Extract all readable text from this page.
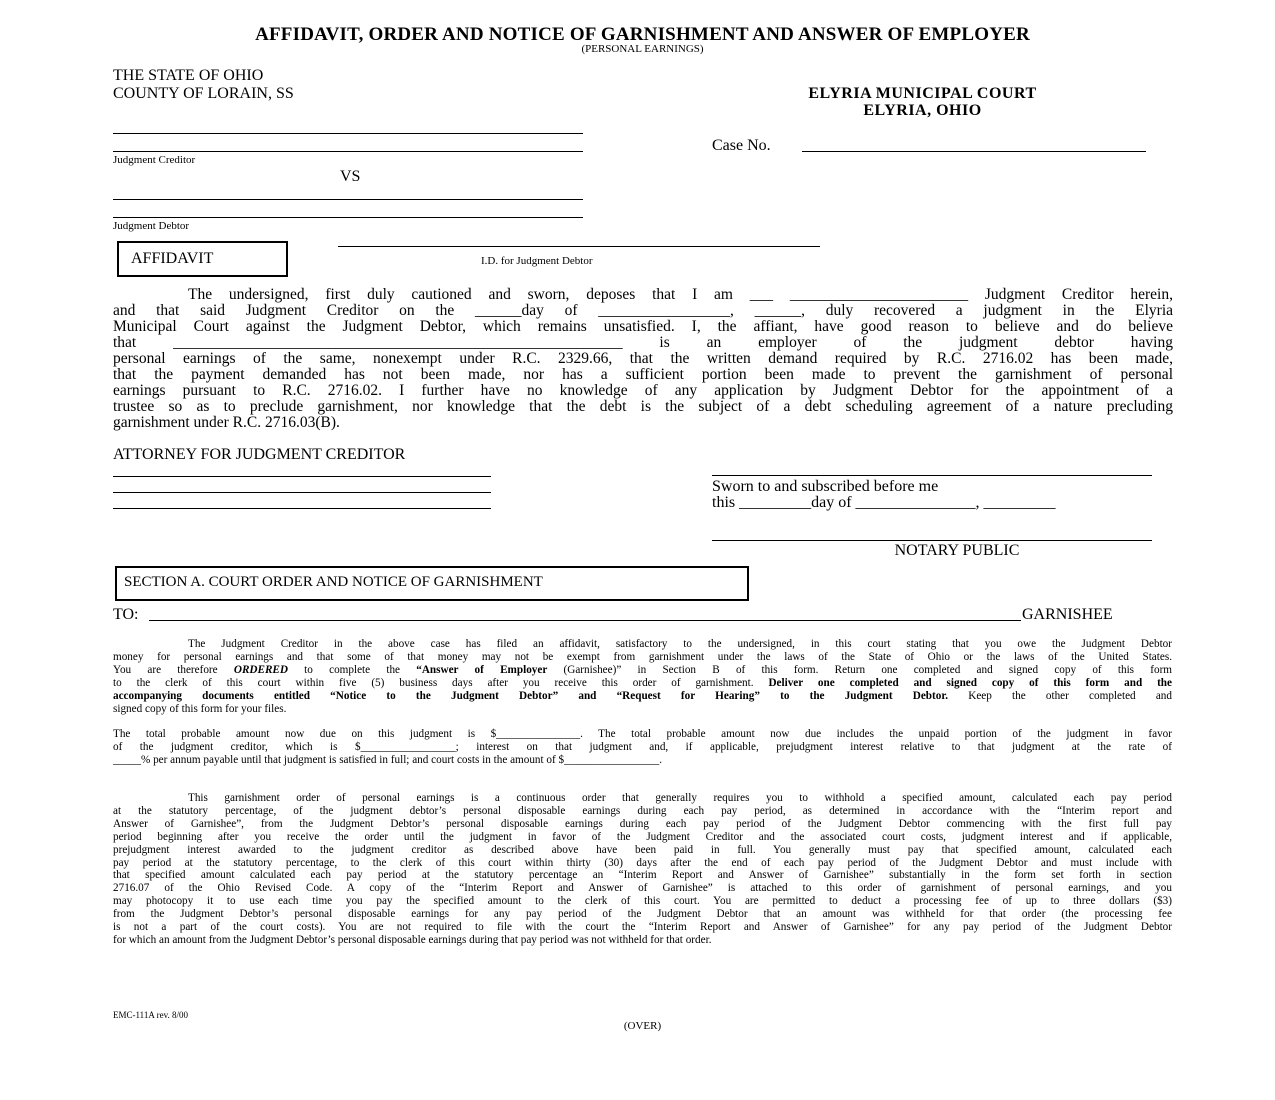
AFFIDAVIT, ORDER AND NOTICE OF GARNISHMENT AND ANSWER OF EMPLOYER
(PERSONAL EARNINGS)
THE STATE OF OHIO
COUNTY OF LORAIN, SS	ELYRIA MUNICIPAL COURT
ELYRIA, OHIO
Judgment Creditor
Case No.
VS
Judgment Debtor
AFFIDAVIT	I.D. for Judgment Debtor
The undersigned, first duly cautioned and sworn, deposes that I am ___ _______________________ Judgment Creditor herein,
and that said Judgment Creditor on the ______day of _________________, ______, duly recovered a judgment in the Elyria
Municipal Court against the Judgment Debtor, which remains unsatisfied. I, the affiant, have good reason to believe and do believe
that __________________________________________________________ is an employer of the judgment debtor having
personal earnings of the same, nonexempt under R.C. 2329.66, that the written demand required by R.C. 2716.02 has been made,
that the payment demanded has not been made, nor has a sufficient portion been made to prevent the garnishment of personal
earnings pursuant to R.C. 2716.02. I further have no knowledge of any application by Judgment Debtor for the appointment of a
trustee so as to preclude garnishment, nor knowledge that the debt is the subject of a debt scheduling agreement of a nature precluding
garnishment under R.C. 2716.03(B).
ATTORNEY FOR JUDGMENT CREDITOR
Sworn to and subscribed before me
this _________day of _______________, _________
NOTARY PUBLIC
SECTION A. COURT ORDER AND NOTICE OF GARNISHMENT
TO:	GARNISHEE
The Judgment Creditor in the above case has filed an affidavit, satisfactory to the undersigned, in this court stating that you owe the Judgment Debtor
money for personal earnings and that some of that money may not be exempt from garnishment under the laws of the State of Ohio or the laws of the United States.
You are therefore ORDERED to complete the “Answer of Employer (Garnishee)” in Section B of this form. Return one completed and signed copy of this form
to the clerk of this court within five (5) business days after you receive this order of garnishment. Deliver one completed and signed copy of this form and the
accompanying documents entitled “Notice to the Judgment Debtor” and “Request for Hearing” to the Judgment Debtor. Keep the other completed and
signed copy of this form for your files.
The total probable amount now due on this judgment is $_______________. The total probable amount now due includes the unpaid portion of the judgment in favor
of the judgment creditor, which is $_________________; interest on that judgment and, if applicable, prejudgment interest relative to that judgment at the rate of
_____% per annum payable until that judgment is satisfied in full; and court costs in the amount of $_________________.
This garnishment order of personal earnings is a continuous order that generally requires you to withhold a specified amount, calculated each pay period
at the statutory percentage, of the judgment debtor’s personal disposable earnings during each pay period, as determined in accordance with the “Interim report and
Answer of Garnishee”, from the Judgment Debtor’s personal disposable earnings during each pay period of the Judgment Debtor commencing with the first full pay
period beginning after you receive the order until the judgment in favor of the Judgment Creditor and the associated court costs, judgment interest and if applicable,
prejudgment interest awarded to the judgment creditor as described above have been paid in full. You generally must pay that specified amount, calculated each
pay period at the statutory percentage, to the clerk of this court within thirty (30) days after the end of each pay period of the Judgment Debtor and must include with
that specified amount calculated each pay period at the statutory percentage an “Interim Report and Answer of Garnishee” substantially in the form set forth in section
2716.07 of the Ohio Revised Code. A copy of the “Interim Report and Answer of Garnishee” is attached to this order of garnishment of personal earnings, and you
may photocopy it to use each time you pay the specified amount to the clerk of this court. You are permitted to deduct a processing fee of up to three dollars ($3)
from the Judgment Debtor’s personal disposable earnings for any pay period of the Judgment Debtor that an amount was withheld for that order (the processing fee
is not a part of the court costs). You are not required to file with the court the “Interim Report and Answer of Garnishee” for any pay period of the Judgment Debtor
for which an amount from the Judgment Debtor’s personal disposable earnings during that pay period was not withheld for that order.
EMC-111A rev. 8/00
(OVER)
